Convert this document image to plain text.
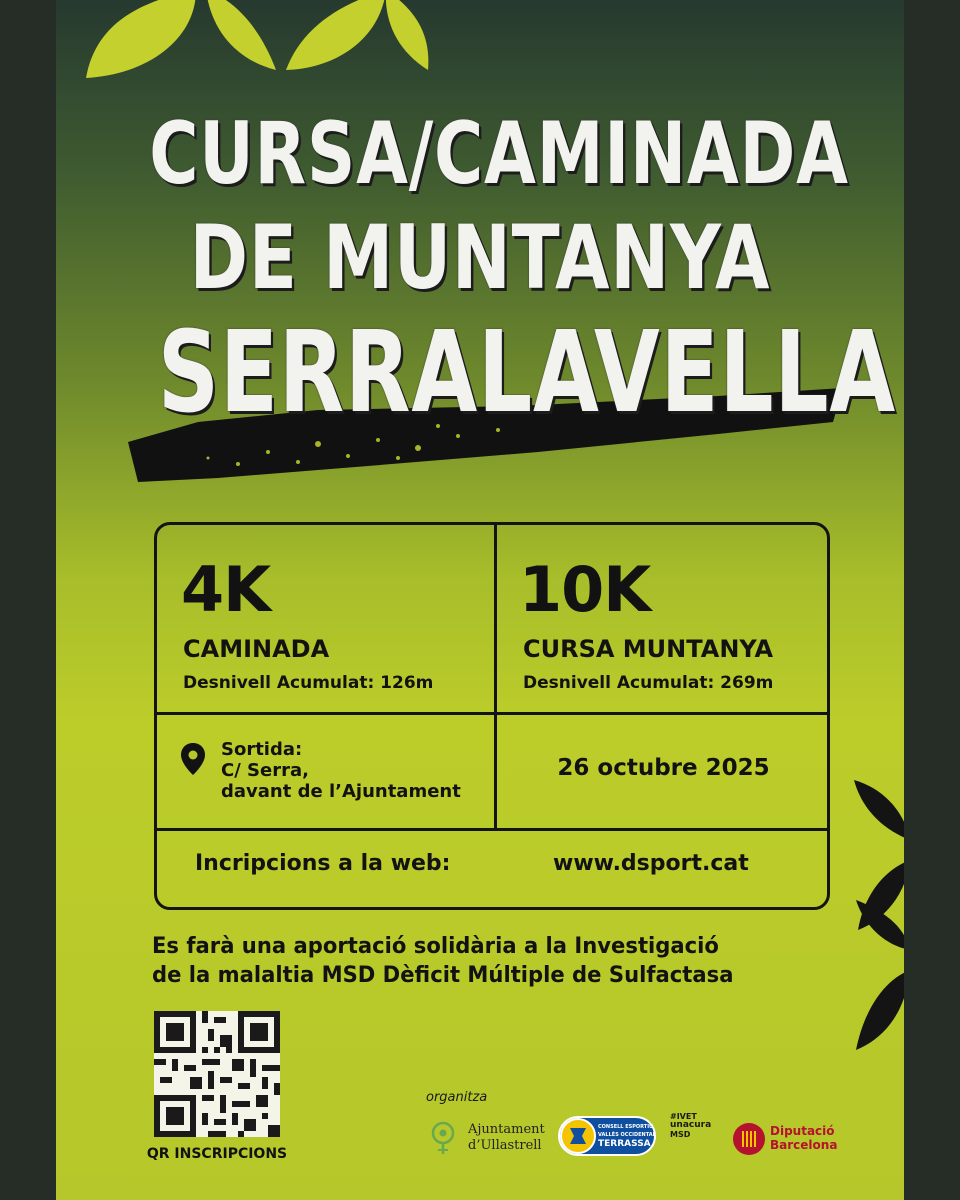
CURSA/CAMINADA
DE MUNTANYA
SERRALAVELLA
4K
CAMINADA
Desnivell Acumulat: 126m
10K
CURSA MUNTANYA
Desnivell Acumulat: 269m
Sortida:
C/ Serra,
davant de l’Ajuntament
26 octubre 2025
Incripcions a la web:	www.dsport.cat
Es farà una aportació solidària a la Investigació
de la malaltia MSD Dèficit Múltiple de Sulfactasa
QR INSCRIPCIONS
organitza
Ajuntament
d’Ullastrell
CONSELL ESPORTIU
VALLÈS OCCIDENTAL
TERRASSA
#IVET
unacura
MSD	Diputació
Barcelona
